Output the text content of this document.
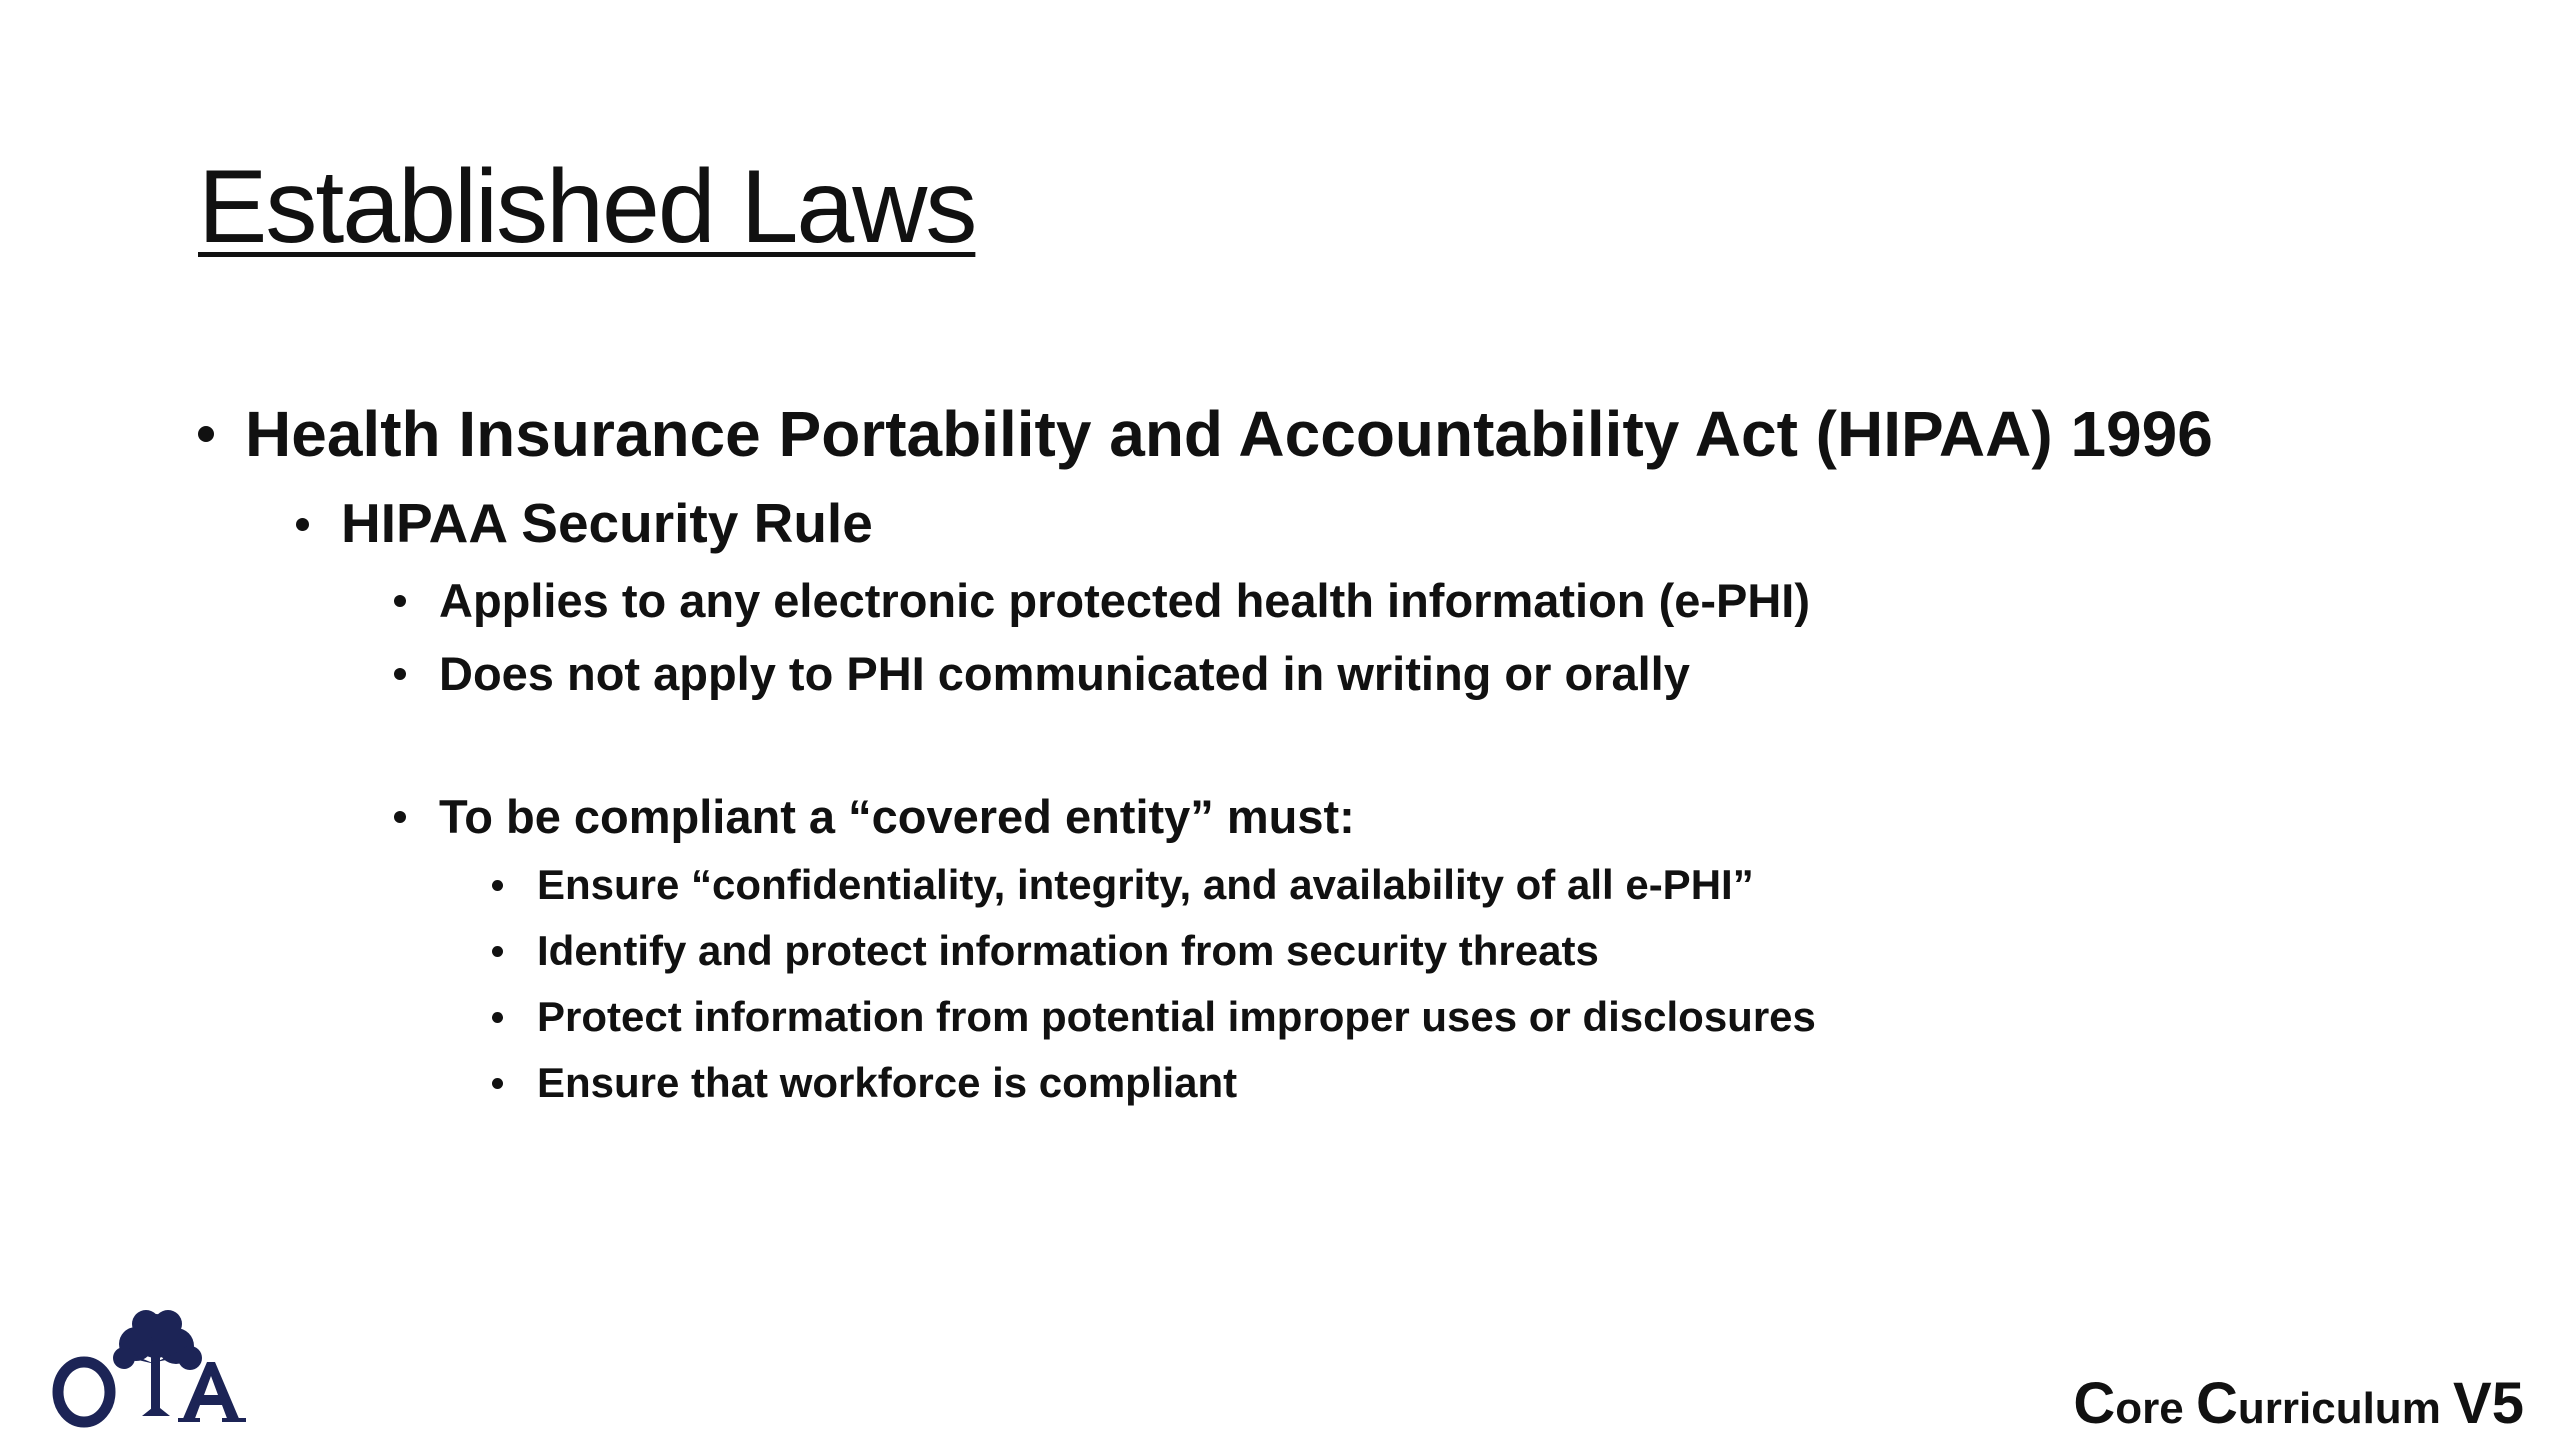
Established Laws
Health Insurance Portability and Accountability Act (HIPAA) 1996
HIPAA Security Rule
Applies to any electronic protected health information (e-PHI)
Does not apply to PHI communicated in writing or orally
To be compliant a “covered entity” must:
Ensure “confidentiality, integrity, and availability of all e-PHI”
Identify and protect information from security threats
Protect information from potential improper uses or disclosures
Ensure that workforce is compliant
Core Curriculum V5
